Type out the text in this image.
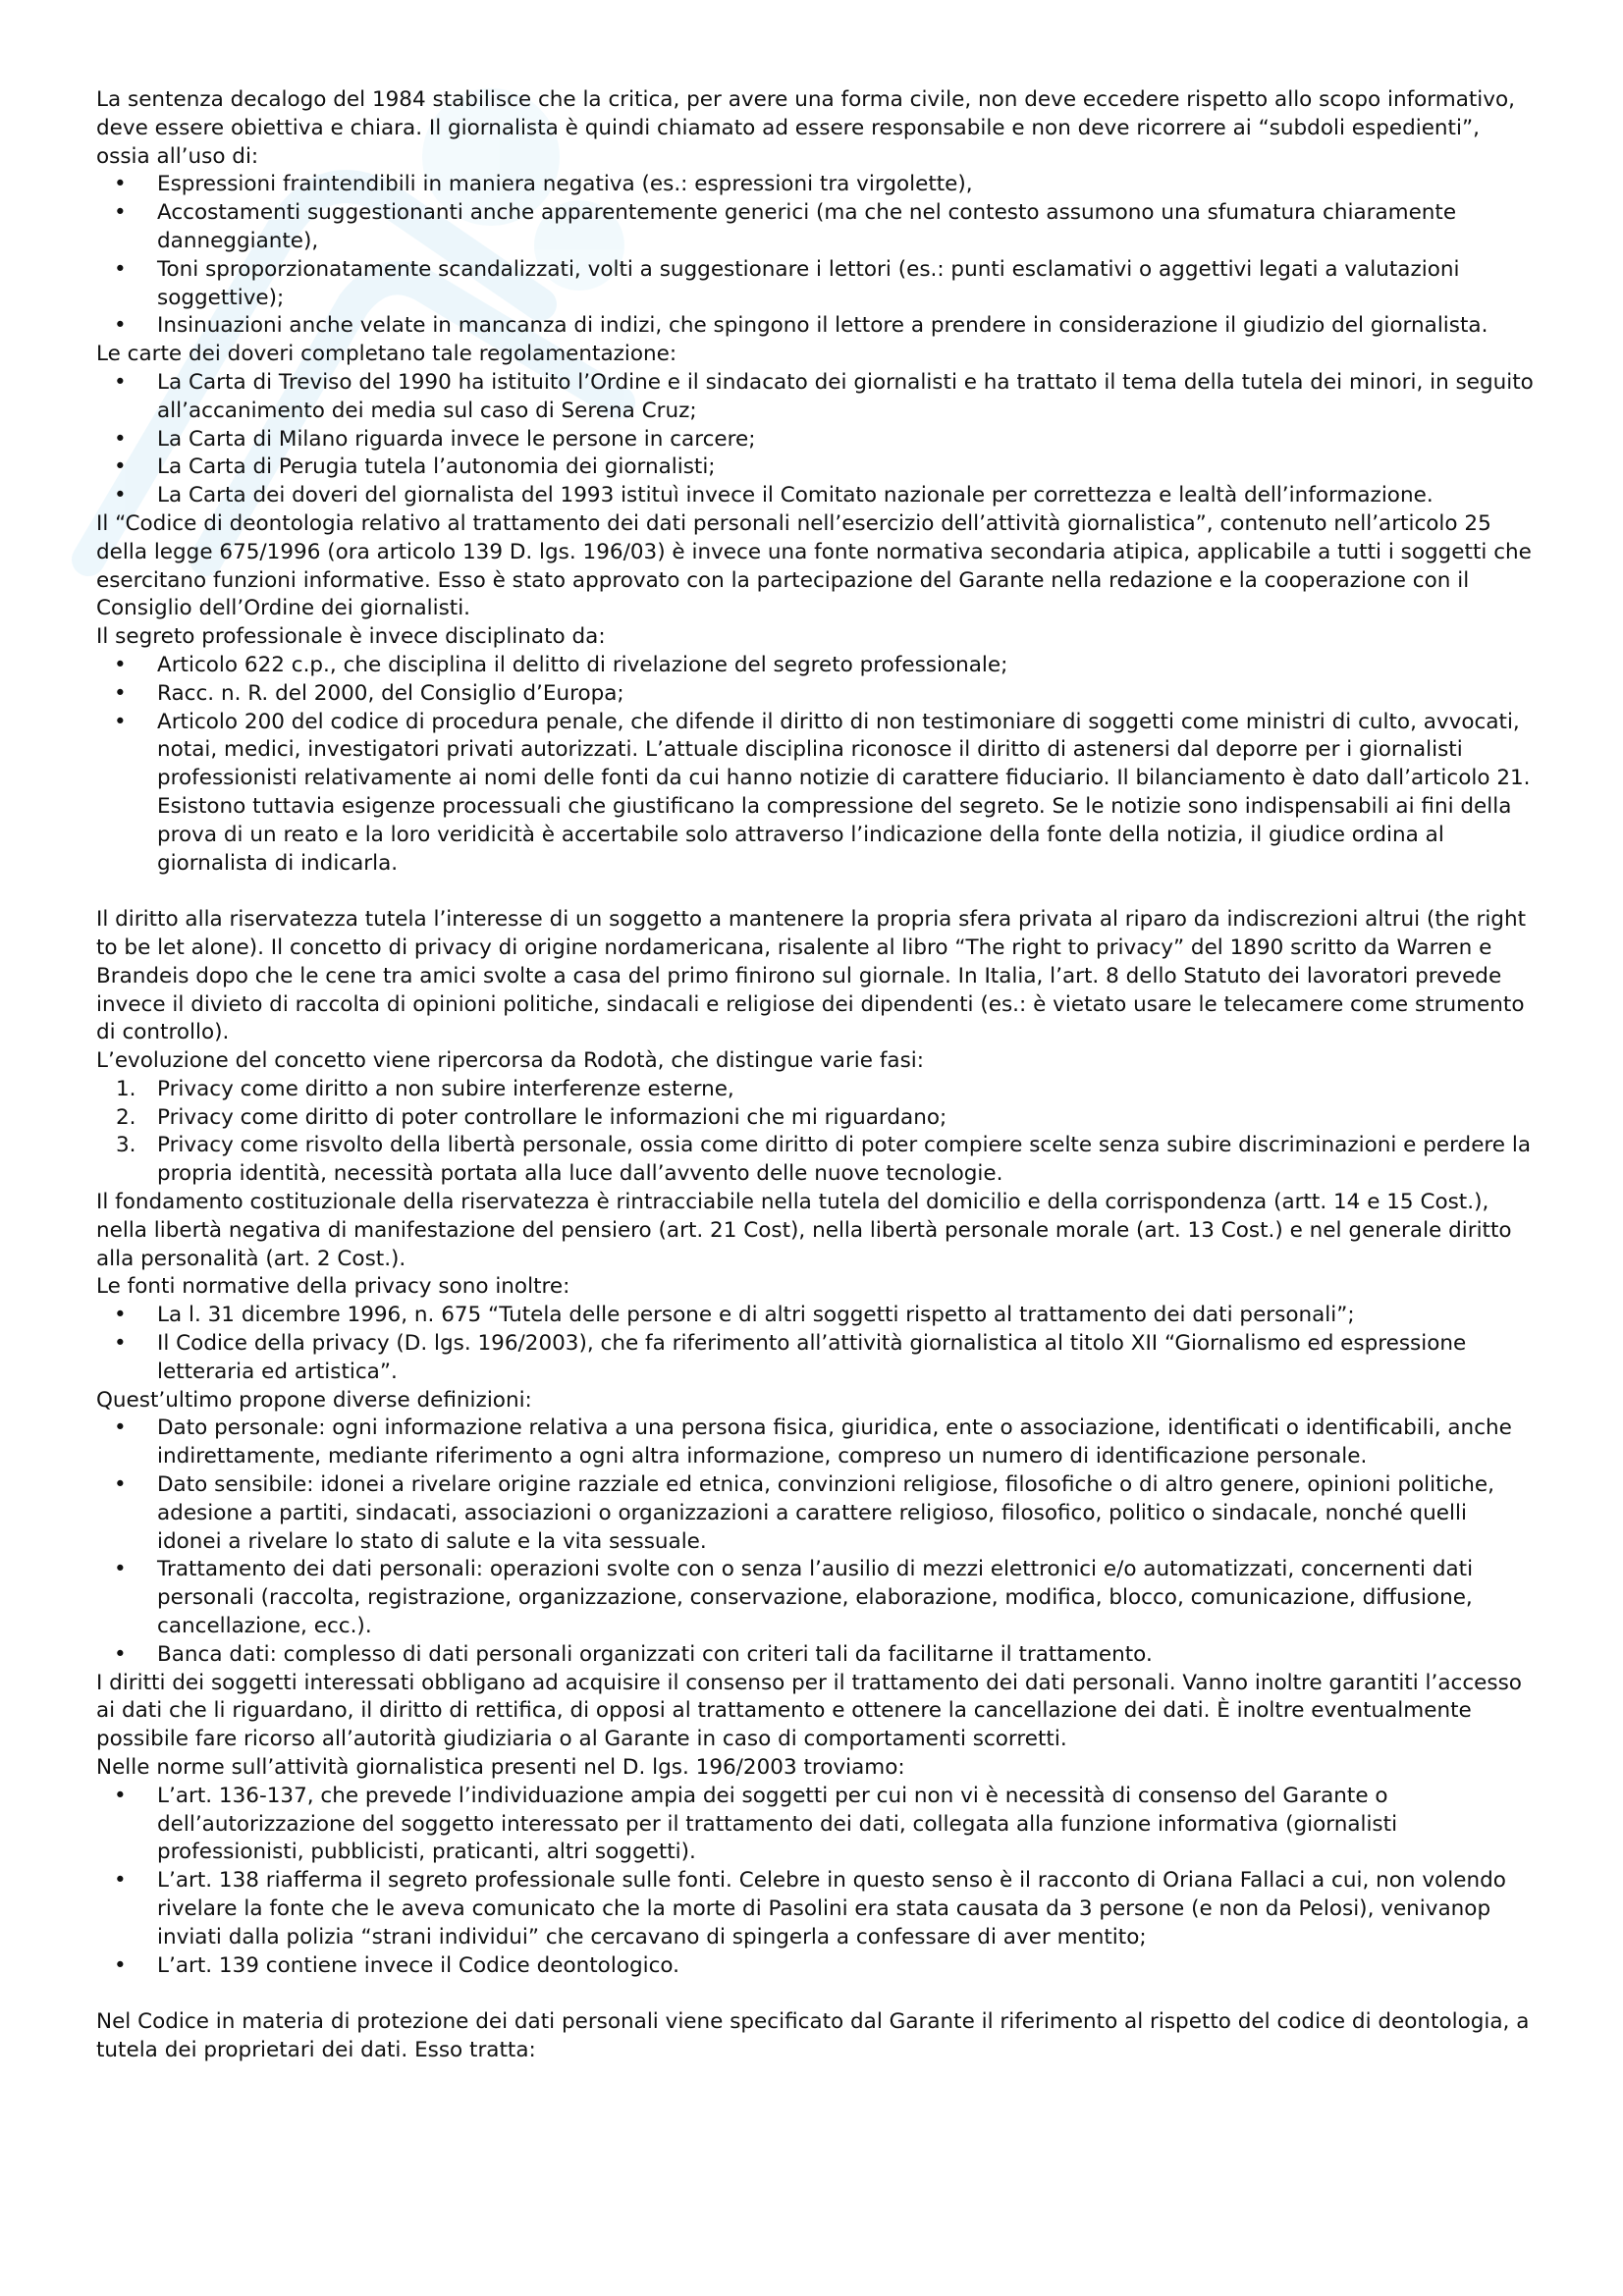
La sentenza decalogo del 1984 stabilisce che la critica, per avere una forma civile, non deve eccedere rispetto allo scopo informativo, deve essere obiettiva e chiara. Il giornalista è quindi chiamato ad essere responsabile e non deve ricorrere ai “subdoli espedienti”, ossia all’uso di:

• Espressioni fraintendibili in maniera negativa (es.: espressioni tra virgolette),
• Accostamenti suggestionanti anche apparentemente generici (ma che nel contesto assumono una sfumatura chiaramente danneggiante),
• Toni sproporzionatamente scandalizzati, volti a suggestionare i lettori (es.: punti esclamativi o aggettivi legati a valutazioni soggettive);
• Insinuazioni anche velate in mancanza di indizi, che spingono il lettore a prendere in considerazione il giudizio del giornalista.

Le carte dei doveri completano tale regolamentazione:

• La Carta di Treviso del 1990 ha istituito l’Ordine e il sindacato dei giornalisti e ha trattato il tema della tutela dei minori, in seguito all’accanimento dei media sul caso di Serena Cruz;
• La Carta di Milano riguarda invece le persone in carcere;
• La Carta di Perugia tutela l’autonomia dei giornalisti;
• La Carta dei doveri del giornalista del 1993 istituì invece il Comitato nazionale per correttezza e lealtà dell’informazione.

Il “Codice di deontologia relativo al trattamento dei dati personali nell’esercizio dell’attività giornalistica”, contenuto nell’articolo 25 della legge 675/1996 (ora articolo 139 D. lgs. 196/03) è invece una fonte normativa secondaria atipica, applicabile a tutti i soggetti che esercitano funzioni informative. Esso è stato approvato con la partecipazione del Garante nella redazione e la cooperazione con il Consiglio dell’Ordine dei giornalisti.

Il segreto professionale è invece disciplinato da:

• Articolo 622 c.p., che disciplina il delitto di rivelazione del segreto professionale;
• Racc. n. R. del 2000, del Consiglio d’Europa;
• Articolo 200 del codice di procedura penale, che difende il diritto di non testimoniare di soggetti come ministri di culto, avvocati, notai, medici, investigatori privati autorizzati. L’attuale disciplina riconosce il diritto di astenersi dal deporre per i giornalisti professionisti relativamente ai nomi delle fonti da cui hanno notizie di carattere fiduciario. Il bilanciamento è dato dall’articolo 21. Esistono tuttavia esigenze processuali che giustificano la compressione del segreto. Se le notizie sono indispensabili ai fini della prova di un reato e la loro veridicità è accertabile solo attraverso l’indicazione della fonte della notizia, il giudice ordina al giornalista di indicarla.

Il diritto alla riservatezza tutela l’interesse di un soggetto a mantenere la propria sfera privata al riparo da indiscrezioni altrui (the right to be let alone). Il concetto di privacy di origine nordamericana, risalente al libro “The right to privacy” del 1890 scritto da Warren e Brandeis dopo che le cene tra amici svolte a casa del primo finirono sul giornale. In Italia, l’art. 8 dello Statuto dei lavoratori prevede invece il divieto di raccolta di opinioni politiche, sindacali e religiose dei dipendenti (es.: è vietato usare le telecamere come strumento di controllo).

L’evoluzione del concetto viene ripercorsa da Rodotà, che distingue varie fasi:

1. Privacy come diritto a non subire interferenze esterne,
2. Privacy come diritto di poter controllare le informazioni che mi riguardano;
3. Privacy come risvolto della libertà personale, ossia come diritto di poter compiere scelte senza subire discriminazioni e perdere la propria identità, necessità portata alla luce dall’avvento delle nuove tecnologie.

Il fondamento costituzionale della riservatezza è rintracciabile nella tutela del domicilio e della corrispondenza (artt. 14 e 15 Cost.), nella libertà negativa di manifestazione del pensiero (art. 21 Cost), nella libertà personale morale (art. 13 Cost.) e nel generale diritto alla personalità (art. 2 Cost.).

Le fonti normative della privacy sono inoltre:

• La l. 31 dicembre 1996, n. 675 “Tutela delle persone e di altri soggetti rispetto al trattamento dei dati personali”;
• Il Codice della privacy (D. lgs. 196/2003), che fa riferimento all’attività giornalistica al titolo XII “Giornalismo ed espressione letteraria ed artistica”.

Quest’ultimo propone diverse definizioni:

• Dato personale: ogni informazione relativa a una persona fisica, giuridica, ente o associazione, identificati o identificabili, anche indirettamente, mediante riferimento a ogni altra informazione, compreso un numero di identificazione personale.
• Dato sensibile: idonei a rivelare origine razziale ed etnica, convinzioni religiose, filosofiche o di altro genere, opinioni politiche, adesione a partiti, sindacati, associazioni o organizzazioni a carattere religioso, filosofico, politico o sindacale, nonché quelli idonei a rivelare lo stato di salute e la vita sessuale.
• Trattamento dei dati personali: operazioni svolte con o senza l’ausilio di mezzi elettronici e/o automatizzati, concernenti dati personali (raccolta, registrazione, organizzazione, conservazione, elaborazione, modifica, blocco, comunicazione, diffusione, cancellazione, ecc.).
• Banca dati: complesso di dati personali organizzati con criteri tali da facilitarne il trattamento.

I diritti dei soggetti interessati obbligano ad acquisire il consenso per il trattamento dei dati personali. Vanno inoltre garantiti l’accesso ai dati che li riguardano, il diritto di rettifica, di opposi al trattamento e ottenere la cancellazione dei dati. È inoltre eventualmente possibile fare ricorso all’autorità giudiziaria o al Garante in caso di comportamenti scorretti.

Nelle norme sull’attività giornalistica presenti nel D. lgs. 196/2003 troviamo:

• L’art. 136-137, che prevede l’individuazione ampia dei soggetti per cui non vi è necessità di consenso del Garante o dell’autorizzazione del soggetto interessato per il trattamento dei dati, collegata alla funzione informativa (giornalisti professionisti, pubblicisti, praticanti, altri soggetti).
• L’art. 138 riafferma il segreto professionale sulle fonti. Celebre in questo senso è il racconto di Oriana Fallaci a cui, non volendo rivelare la fonte che le aveva comunicato che la morte di Pasolini era stata causata da 3 persone (e non da Pelosi), venivanop inviati dalla polizia “strani individui” che cercavano di spingerla a confessare di aver mentito;
• L’art. 139 contiene invece il Codice deontologico.

Nel Codice in materia di protezione dei dati personali viene specificato dal Garante il riferimento al rispetto del codice di deontologia, a tutela dei proprietari dei dati. Esso tratta:
